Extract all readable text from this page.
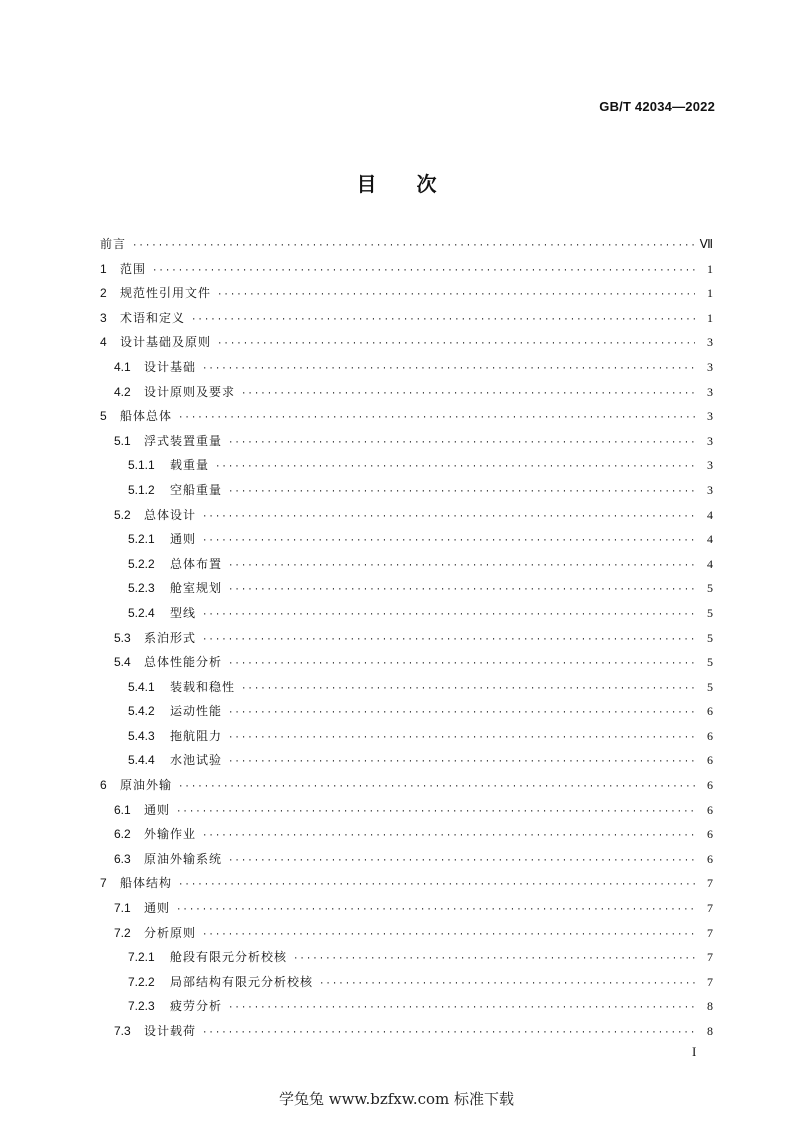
GB/T 42034—2022
目　　次
前言 ·····	Ⅶ
1	范围 ·····	1
2	规范性引用文件 ·····	1
3	术语和定义 ·····	1
4	设计基础及原则 ·····	3
4.1	设计基础 ·····	3
4.2	设计原则及要求 ·····	3
5	船体总体 ·····	3
5.1	浮式装置重量 ·····	3
5.1.1	载重量 ·····	3
5.1.2	空船重量 ·····	3
5.2	总体设计 ·····	4
5.2.1	通则 ·····	4
5.2.2	总体布置 ·····	4
5.2.3	舱室规划 ·····	5
5.2.4	型线 ·····	5
5.3	系泊形式 ·····	5
5.4	总体性能分析 ·····	5
5.4.1	装载和稳性 ·····	5
5.4.2	运动性能 ·····	6
5.4.3	拖航阻力 ·····	6
5.4.4	水池试验 ·····	6
6	原油外输 ·····	6
6.1	通则 ·····	6
6.2	外输作业 ·····	6
6.3	原油外输系统 ·····	6
7	船体结构 ·····	7
7.1	通则 ·····	7
7.2	分析原则 ·····	7
7.2.1	舱段有限元分析校核 ·····	7
7.2.2	局部结构有限元分析校核 ·····	7
7.2.3	疲劳分析 ·····	8
7.3	设计载荷 ·····	8
I
学兔兔 www.bzfxw.com 标准下载
